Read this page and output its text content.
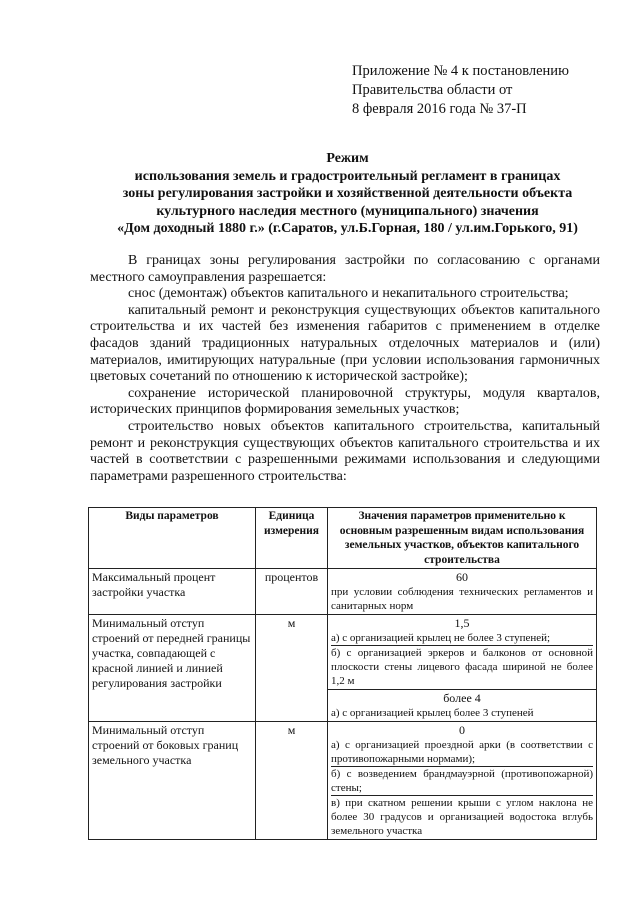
Приложение № 4 к постановлению
Правительства области от
8 февраля 2016 года № 37-П
Режим
использования земель и градостроительный регламент в границах
зоны регулирования застройки и хозяйственной деятельности объекта
культурного наследия местного (муниципального) значения
«Дом доходный 1880 г.» (г.Саратов, ул.Б.Горная, 180 / ул.им.Горького, 91)

В границах зоны регулирования застройки по согласованию с органами местного самоуправления разрешается:

снос (демонтаж) объектов капитального и некапитального строительства;

капитальный ремонт и реконструкция существующих объектов капитального строительства и их частей без изменения габаритов с применением в отделке фасадов зданий традиционных натуральных отделочных материалов и (или) материалов, имитирующих натуральные (при условии использования гармоничных цветовых сочетаний по отношению к исторической застройке);

сохранение исторической планировочной структуры, модуля кварталов, исторических принципов формирования земельных участков;

строительство новых объектов капитального строительства, капитальный ремонт и реконструкция существующих объектов капитального строительства и их частей в соответствии с разрешенными режимами использования и следующими параметрами разрешенного строительства:

Виды параметров	Единица измерения	Значения параметров применительно к основным разрешенным видам использования земельных участков, объектов капитального строительства
Максимальный процент застройки участка	процентов	60
при условии соблюдения технических регламентов и санитарных норм

Минимальный отступ строений от передней границы участка, совпадающей с красной линией и линией регулирования застройки	м	1,5
а) с организацией крылец не более 3 ступеней;
б) с организацией эркеров и балконов от основной плоскости стены лицевого фасада шириной не более 1,2 м
более 4
а) с организацией крылец более 3 ступеней

Минимальный отступ строений от боковых границ земельного участка	м	0
а) с организацией проездной арки (в соответствии с противопожарными нормами);
б) с возведением брандмауэрной (противопожарной) стены;
в) при скатном решении крыши с углом наклона не более 30 градусов и организацией водостока вглубь земельного участка
